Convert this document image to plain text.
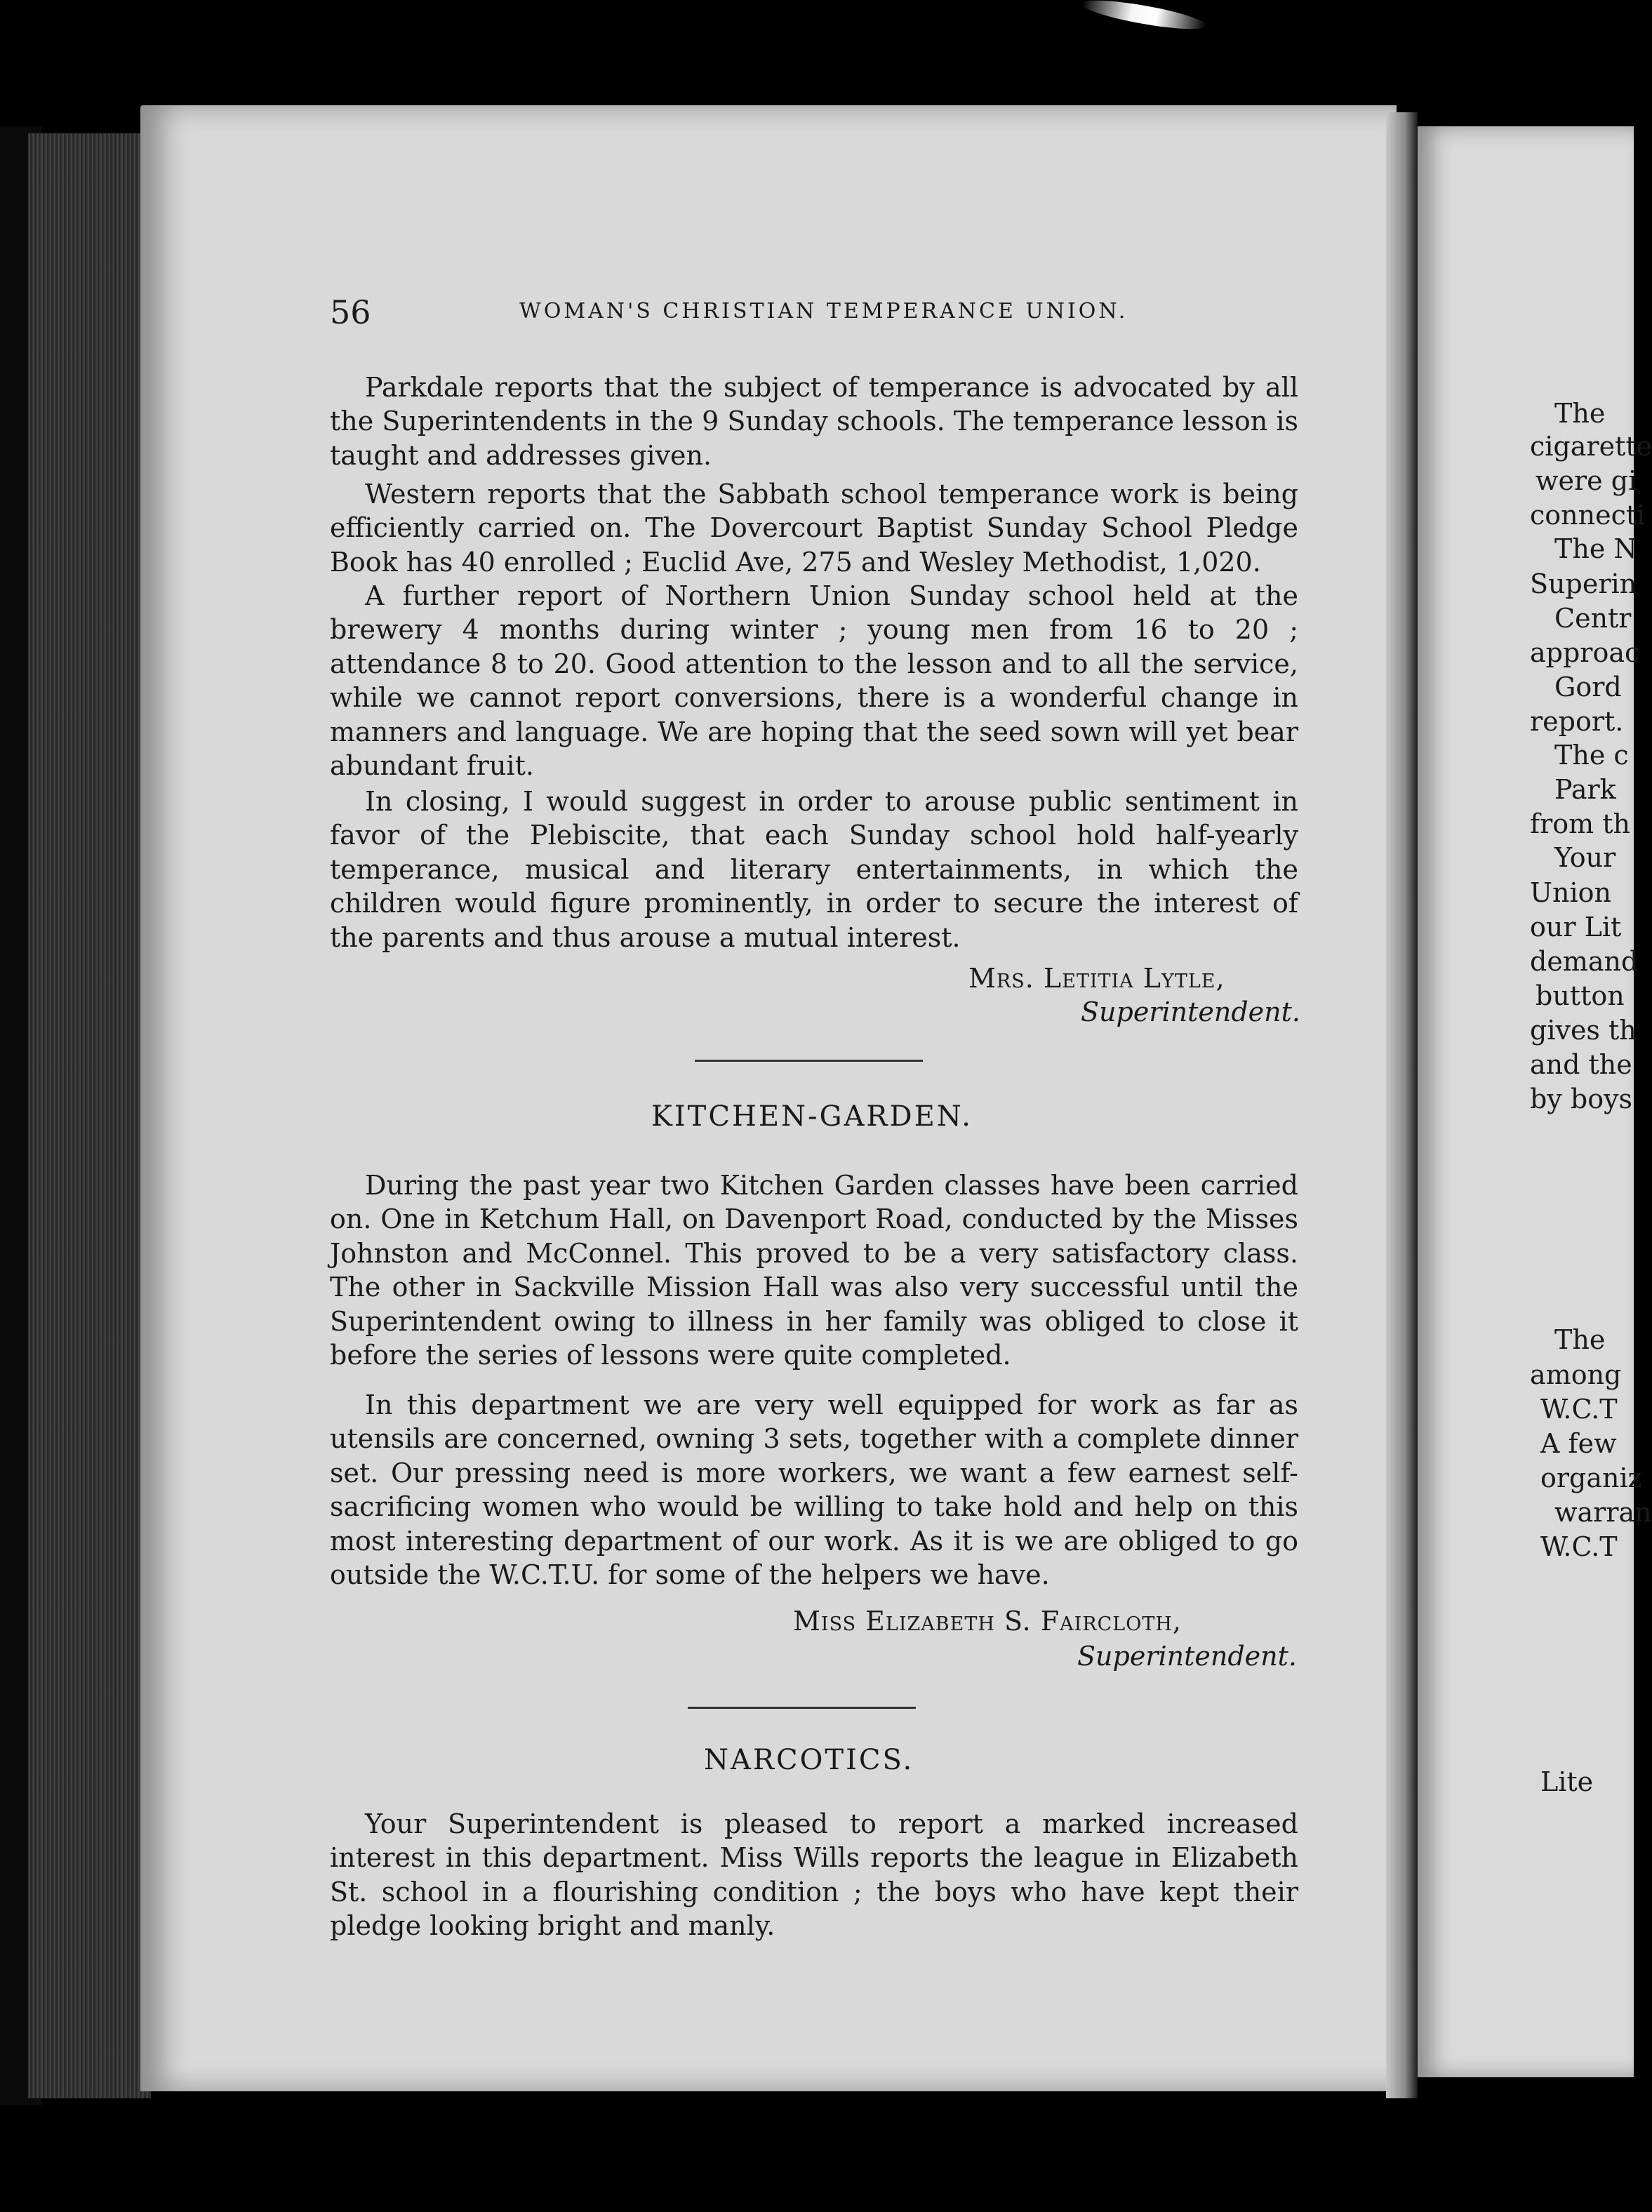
56	WOMAN'S CHRISTIAN TEMPERANCE UNION.

Parkdale reports that the subject of temperance is advocated by all the Superintendents in the 9 Sunday schools. The temperance lesson is taught and addresses given.

Western reports that the Sabbath school temperance work is being efficiently carried on. The Dovercourt Baptist Sunday School Pledge Book has 40 enrolled ; Euclid Ave, 275 and Wesley Methodist, 1,020.

A further report of Northern Union Sunday school held at the brewery 4 months during winter ; young men from 16 to 20 ; attendance 8 to 20. Good attention to the lesson and to all the service, while we cannot report conversions, there is a wonderful change in manners and language. We are hoping that the seed sown will yet bear abundant fruit.

In closing, I would suggest in order to arouse public sentiment in favor of the Plebiscite, that each Sunday school hold half-yearly temperance, musical and literary entertainments, in which the children would figure prominently, in order to secure the interest of the parents and thus arouse a mutual interest.

Mrs. Letitia Lytle,
Superintendent.
KITCHEN-GARDEN.

During the past year two Kitchen Garden classes have been carried on. One in Ketchum Hall, on Davenport Road, conducted by the Misses Johnston and McConnel. This proved to be a very satisfactory class. The other in Sackville Mission Hall was also very successful until the Superintendent owing to illness in her family was obliged to close it before the series of lessons were quite completed.

In this department we are very well equipped for work as far as utensils are concerned, owning 3 sets, together with a complete dinner set. Our pressing need is more workers, we want a few earnest self-sacrificing women who would be willing to take hold and help on this most interesting department of our work. As it is we are obliged to go outside the W.C.T.U. for some of the helpers we have.

Miss Elizabeth S. Faircloth,
Superintendent.
NARCOTICS.

Your Superintendent is pleased to report a marked increased interest in this department. Miss Wills reports the league in Elizabeth St. school in a flourishing condition ; the boys who have kept their pledge looking bright and manly.

The
cigarette
were gi
connecti
The N
Superin
Centr
approac
Gord
report.
The c
Park
from th
Your
Union
our Lit
demand
button
gives th
and the
by boys
The
among
W.C.T
A few
organiz
warran
W.C.T
Lite
